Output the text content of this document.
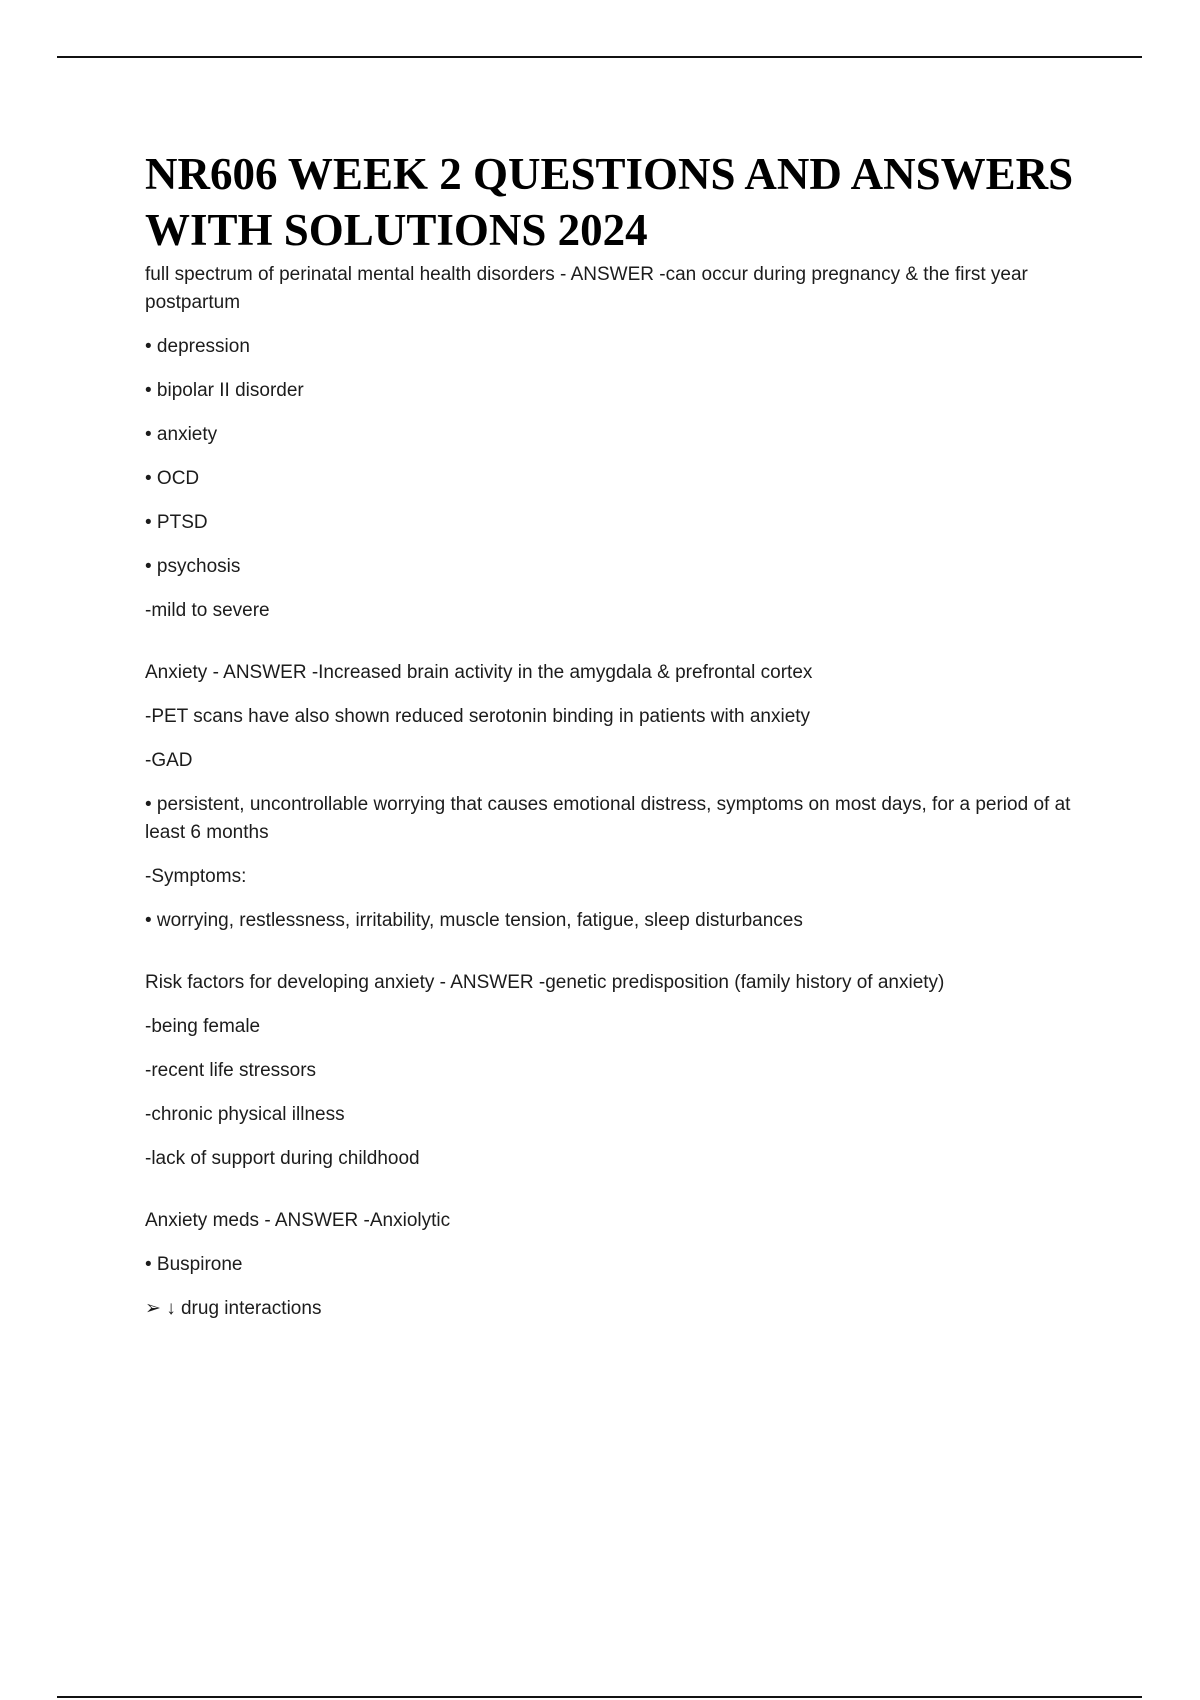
NR606 WEEK 2 QUESTIONS AND ANSWERS WITH SOLUTIONS 2024

full spectrum of perinatal mental health disorders - ANSWER -can occur during pregnancy & the first year postpartum

• depression

• bipolar II disorder

• anxiety

• OCD

• PTSD

• psychosis

-mild to severe

Anxiety - ANSWER -Increased brain activity in the amygdala & prefrontal cortex

-PET scans have also shown reduced serotonin binding in patients with anxiety

-GAD

• persistent, uncontrollable worrying that causes emotional distress, symptoms on most days, for a period of at least 6 months

-Symptoms:

• worrying, restlessness, irritability, muscle tension, fatigue, sleep disturbances

Risk factors for developing anxiety - ANSWER -genetic predisposition (family history of anxiety)

-being female

-recent life stressors

-chronic physical illness

-lack of support during childhood

Anxiety meds - ANSWER -Anxiolytic

• Buspirone

➢ ↓ drug interactions
